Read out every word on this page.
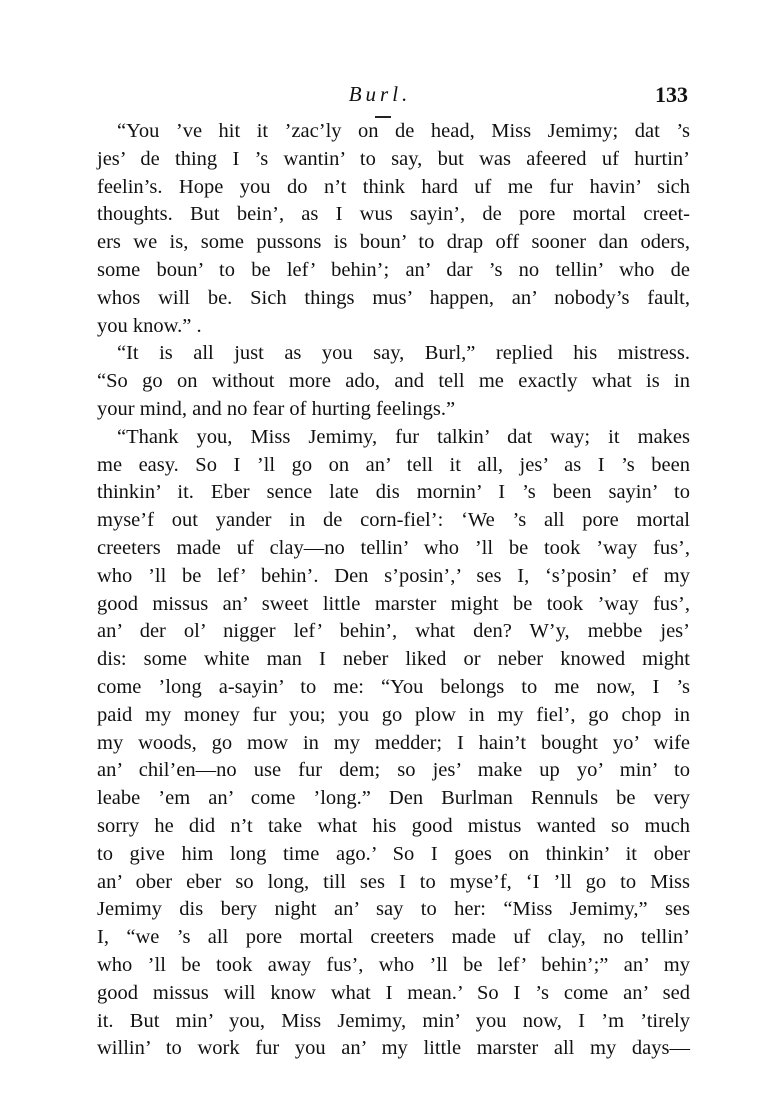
Burl.	133
“You ’ve hit it ’zac’ly on de head, Miss Jemimy; dat ’s
jes’ de thing I ’s wantin’ to say, but was afeered uf hurtin’
feelin’s. Hope you do n’t think hard uf me fur havin’ sich
thoughts. But bein’, as I wus sayin’, de pore mortal creet-
ers we is, some pussons is boun’ to drap off sooner dan oders,
some boun’ to be lef’ behin’; an’ dar ’s no tellin’ who de
whos will be. Sich things mus’ happen, an’ nobody’s fault,
you know.” .
“It is all just as you say, Burl,” replied his mistress.
“So go on without more ado, and tell me exactly what is in
your mind, and no fear of hurting feelings.”
“Thank you, Miss Jemimy, fur talkin’ dat way; it makes
me easy. So I ’ll go on an’ tell it all, jes’ as I ’s been
thinkin’ it. Eber sence late dis mornin’ I ’s been sayin’ to
myse’f out yander in de corn-fiel’: ‘We ’s all pore mortal
creeters made uf clay—no tellin’ who ’ll be took ’way fus’,
who ’ll be lef’ behin’. Den s’posin’,’ ses I, ‘s’posin’ ef my
good missus an’ sweet little marster might be took ’way fus’,
an’ der ol’ nigger lef’ behin’, what den? W’y, mebbe jes’
dis: some white man I neber liked or neber knowed might
come ’long a-sayin’ to me: “You belongs to me now, I ’s
paid my money fur you; you go plow in my fiel’, go chop in
my woods, go mow in my medder; I hain’t bought yo’ wife
an’ chil’en—no use fur dem; so jes’ make up yo’ min’ to
leabe ’em an’ come ’long.” Den Burlman Rennuls be very
sorry he did n’t take what his good mistus wanted so much
to give him long time ago.’ So I goes on thinkin’ it ober
an’ ober eber so long, till ses I to myse’f, ‘I ’ll go to Miss
Jemimy dis bery night an’ say to her: “Miss Jemimy,” ses
I, “we ’s all pore mortal creeters made uf clay, no tellin’
who ’ll be took away fus’, who ’ll be lef’ behin’;” an’ my
good missus will know what I mean.’ So I ’s come an’ sed
it. But min’ you, Miss Jemimy, min’ you now, I ’m ’tirely
willin’ to work fur you an’ my little marster all my days—
